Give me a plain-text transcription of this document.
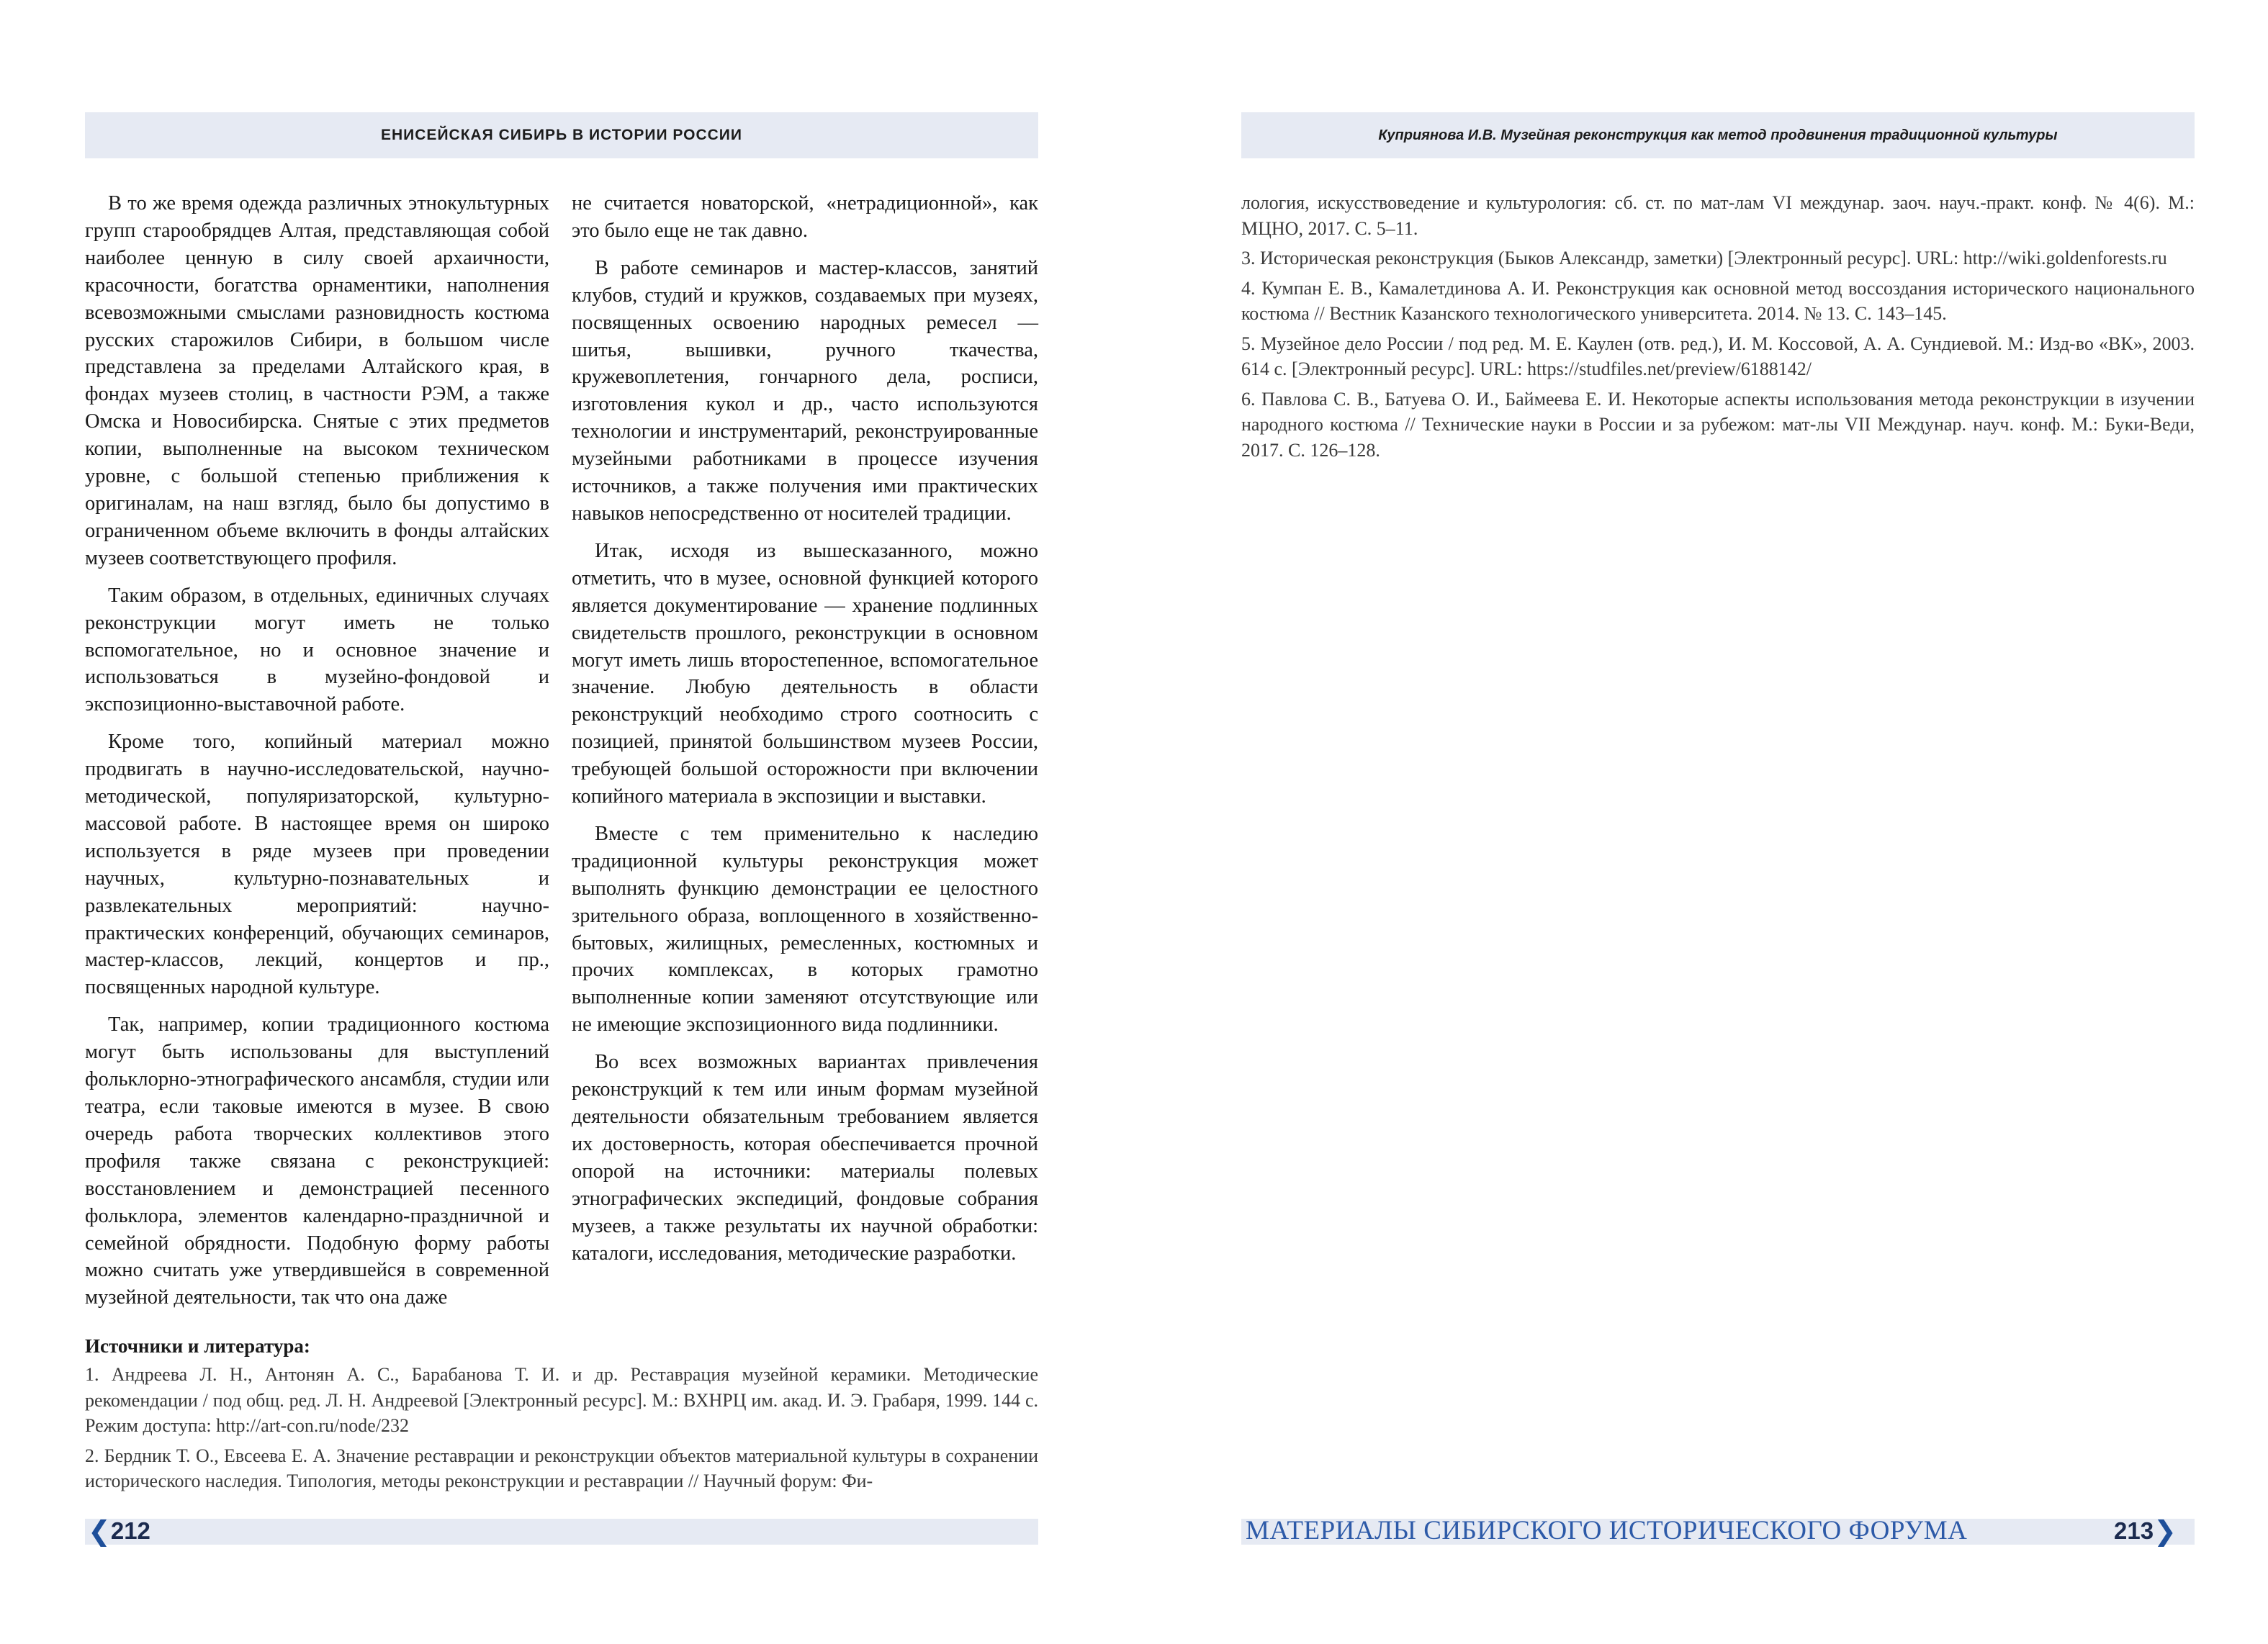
ЕНИСЕЙСКАЯ СИБИРЬ В ИСТОРИИ РОССИИ	Куприянова И.В. Музейная реконструкция как метод продвинения традиционной культуры

В то же время одежда различных этнокультурных групп старообрядцев Алтая, представляющая собой наиболее ценную в силу своей архаичности, красочности, богатства орнаментики, наполнения всевозможными смыслами разновидность костюма русских старожилов Сибири, в большом числе представлена за пределами Алтайского края, в фондах музеев столиц, в частности РЭМ, а также Омска и Новосибирска. Снятые с этих предметов копии, выполненные на высоком техническом уровне, с большой степенью приближения к оригиналам, на наш взгляд, было бы допустимо в ограниченном объеме включить в фонды алтайских музеев соответствующего профиля.

Таким образом, в отдельных, единичных случаях реконструкции могут иметь не только вспомогательное, но и основное значение и использоваться в музейно-фондовой и экспозиционно-выставочной работе.

Кроме того, копийный материал можно продвигать в научно-исследовательской, научно-методической, популяризаторской, культурно-массовой работе. В настоящее время он широко используется в ряде музеев при проведении научных, культурно-познавательных и развлекательных мероприятий: научно-практических конференций, обучающих семинаров, мастер-классов, лекций, концертов и пр., посвященных народной культуре.

Так, например, копии традиционного костюма могут быть использованы для выступлений фольклорно-этнографического ансамбля, студии или театра, если таковые имеются в музее. В свою очередь работа творческих коллективов этого профиля также связана с реконструкцией: восстановлением и демонстрацией песенного фольклора, элементов календарно-праздничной и семейной обрядности. Подобную форму работы можно считать уже утвердившейся в современной музейной деятельности, так что она даже

не считается новаторской, «нетрадиционной», как это было еще не так давно.

В работе семинаров и мастер-классов, занятий клубов, студий и кружков, создаваемых при музеях, посвященных освоению народных ремесел — шитья, вышивки, ручного ткачества, кружевоплетения, гончарного дела, росписи, изготовления кукол и др., часто используются технологии и инструментарий, реконструированные музейными работниками в процессе изучения источников, а также получения ими практических навыков непосредственно от носителей традиции.

Итак, исходя из вышесказанного, можно отметить, что в музее, основной функцией которого является документирование — хранение подлинных свидетельств прошлого, реконструкции в основном могут иметь лишь второстепенное, вспомогательное значение. Любую деятельность в области реконструкций необходимо строго соотносить с позицией, принятой большинством музеев России, требующей большой осторожности при включении копийного материала в экспозиции и выставки.

Вместе с тем применительно к наследию традиционной культуры реконструкция может выполнять функцию демонстрации ее целостного зрительного образа, воплощенного в хозяйственно-бытовых, жилищных, ремесленных, костюмных и прочих комплексах, в которых грамотно выполненные копии заменяют отсутствующие или не имеющие экспозиционного вида подлинники.

Во всех возможных вариантах привлечения реконструкций к тем или иным формам музейной деятельности обязательным требованием является их достоверность, которая обеспечивается прочной опорой на источники: материалы полевых этнографических экспедиций, фондовые собрания музеев, а также результаты их научной обработки: каталоги, исследования, методические разработки.

Источники и литература:
1. Андреева Л. Н., Антонян А. С., Барабанова Т. И. и др. Реставрация музейной керамики. Методические рекомендации / под общ. ред. Л. Н. Андреевой [Электронный ресурс]. М.: ВХНРЦ им. акад. И. Э. Грабаря, 1999. 144 с. Режим доступа: http://art-con.ru/node/232
2. Бердник Т. О., Евсеева Е. А. Значение реставрации и реконструкции объектов материальной культуры в сохранении исторического наследия. Типология, методы реконструкции и реставрации // Научный форум: Фи-
лология, искусствоведение и культурология: сб. ст. по мат-лам VI междунар. заоч. науч.-практ. конф. № 4(6). М.: МЦНО, 2017. С. 5–11.
3. Историческая реконструкция (Быков Александр, заметки) [Электронный ресурс]. URL: http://wiki.goldenforests.ru
4. Кумпан Е. В., Камалетдинова А. И. Реконструкция как основной метод воссоздания исторического национального костюма // Вестник Казанского технологического университета. 2014. № 13. С. 143–145.
5. Музейное дело России / под ред. М. Е. Каулен (отв. ред.), И. М. Коссовой, А. А. Сундиевой. М.: Изд-во «ВК», 2003. 614 с. [Электронный ресурс]. URL: https://studfiles.net/preview/6188142/
6. Павлова С. В., Батуева О. И., Баймеева Е. И. Некоторые аспекты использования метода реконструкции в изучении народного костюма // Технические науки в России и за рубежом: мат-лы VII Междунар. науч. конф. М.: Буки-Веди, 2017. С. 126–128.
❮ 212	МАТЕРИАЛЫ СИБИРСКОГО ИСТОРИЧЕСКОГО ФОРУМА	213 ❯
